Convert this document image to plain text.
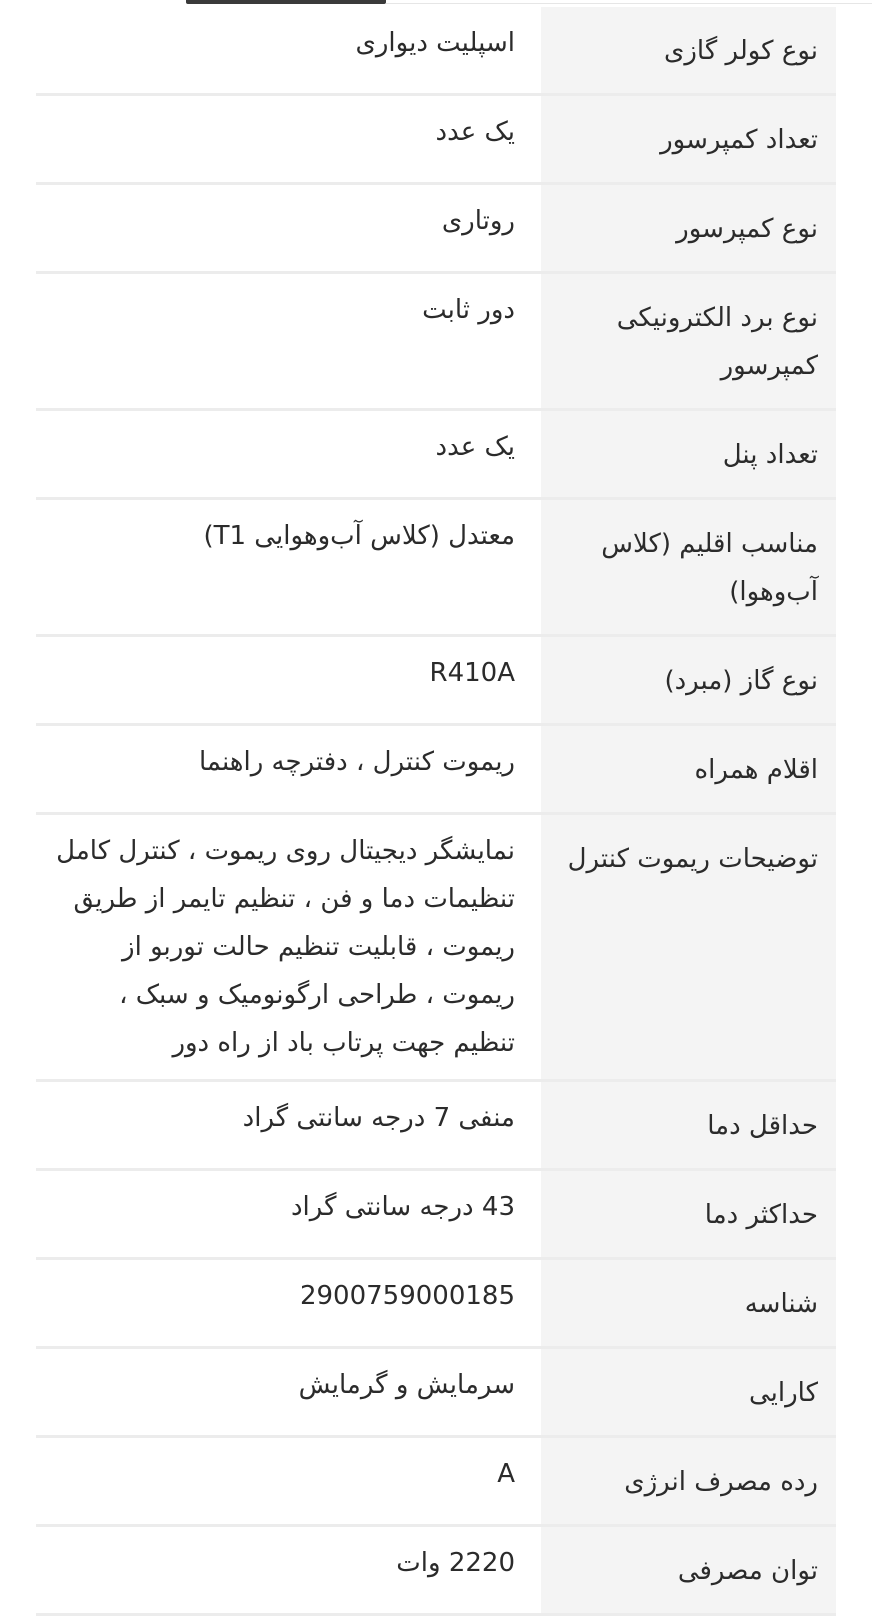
نوع کولر گازی
اسپلیت دیواری
تعداد کمپرسور
یک عدد
نوع کمپرسور
روتاری
نوع برد الکترونیکی کمپرسور
دور ثابت
تعداد پنل
یک عدد
مناسب اقلیم (کلاس آب‌وهوا)
معتدل (کلاس آب‌وهوایی T1)
نوع گاز (مبرد)
R410A
اقلام همراه
ریموت کنترل ، دفترچه راهنما
توضیحات ریموت کنترل
نمایشگر دیجیتال روی ریموت ، کنترل کامل تنظیمات دما و فن ، تنظیم تایمر از طریق ریموت ، قابلیت تنظیم حالت توربو از ریموت ، طراحی ارگونومیک و سبک ، تنظیم جهت پرتاب باد از راه دور
حداقل دما
منفی 7 درجه سانتی گراد
حداکثر دما
43 درجه سانتی گراد
شناسه
2900759000185
کارایی
سرمایش و گرمایش
رده مصرف انرژی
A
توان مصرفی
2220 وات
